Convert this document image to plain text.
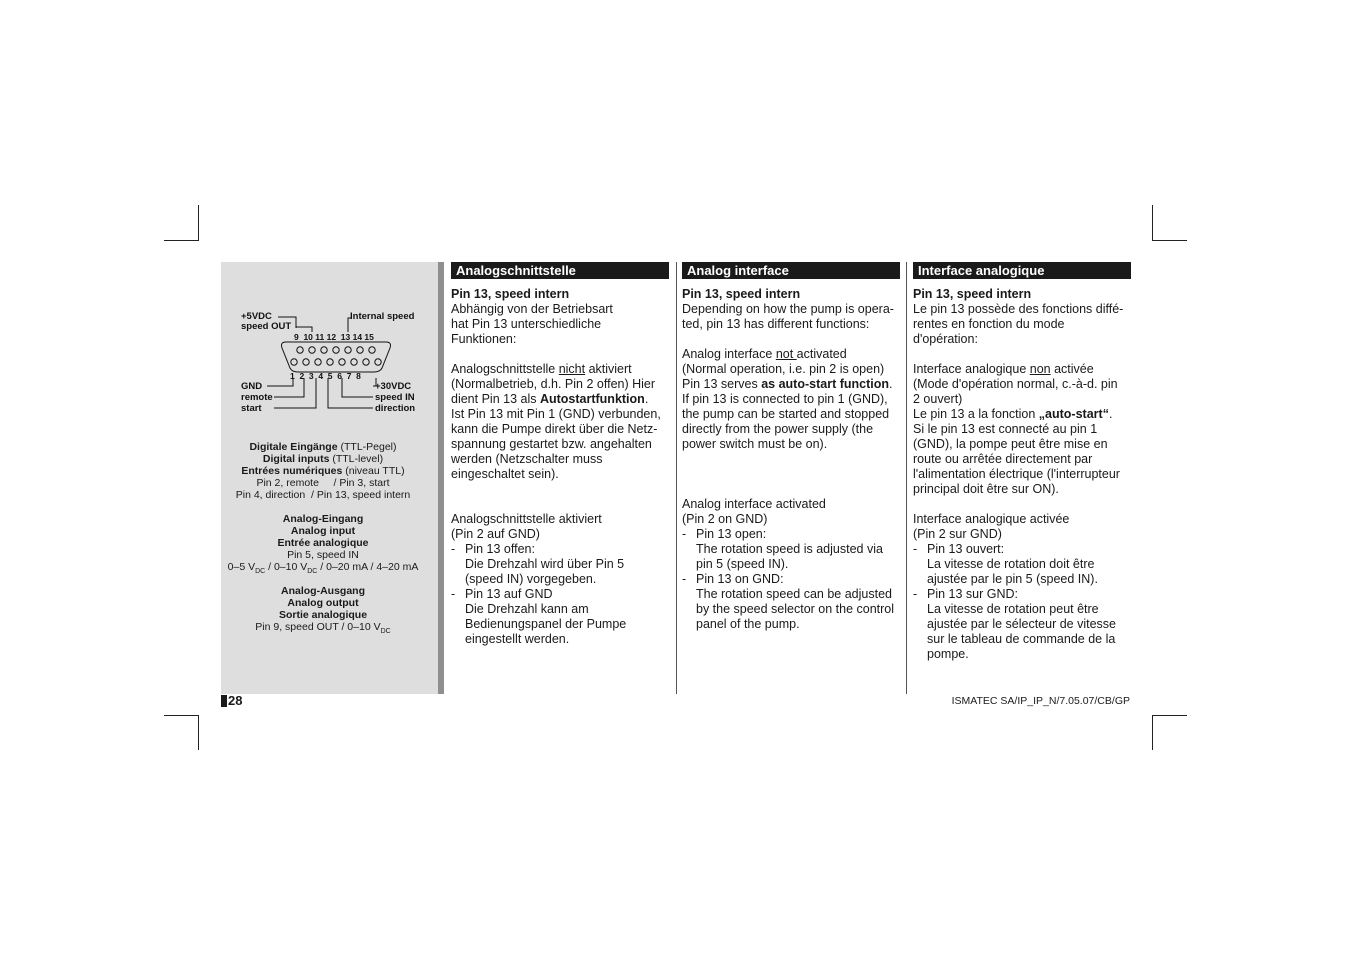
+5VDC
speed OUT
Internal speed
9  10 11 12  13 14 15
1  2  3  4  5  6  7  8
GND
remote
start
+30VDC
speed IN
direction
Digitale Eingänge (TTL-Pegel)
Digital inputs (TTL-level)
Entrées numériques (niveau TTL)
Pin 2, remote     / Pin 3, start
Pin 4, direction  / Pin 13, speed intern
Analog-Eingang
Analog input
Entrée analogique
Pin 5, speed IN
0–5 $V_{DC} / 0-10$ $V_{DC} / 0-20$ mA / 4–20 mA
Analog-Ausgang
Analog output
Sortie analogique
Pin 9, speed OUT / 0–10 $V_{DC}$
Analogschnittstelle
Pin 13, speed intern
Abhängig von der Betriebsart
hat Pin 13 unterschiedliche Funktionen:
Analogschnittstelle nicht aktiviert
(Normalbetrieb, d.h. Pin 2 offen) Hier
dient Pin 13 als Autostartfunktion.
Ist Pin 13 mit Pin 1 (GND) verbunden,
kann die Pumpe direkt über die Netz-
spannung gestartet bzw. angehalten
werden (Netzschalter muss
eingeschaltet sein).
Analogschnittstelle aktiviert
(Pin 2 auf GND)
- Pin 13 offen:
Die Drehzahl wird über Pin 5
(speed IN) vorgegeben.
- Pin 13 auf GND
Die Drehzahl kann am
Bedienungspanel der Pumpe
eingestellt werden.
Analog interface
Pin 13, speed intern
Depending on how the pump is opera-
ted, pin 13 has different functions:
Analog interface not activated
(Normal operation, i.e. pin 2 is open)
Pin 13 serves as auto-start function.
If pin 13 is connected to pin 1 (GND),
the pump can be started and stopped
directly from the power supply (the
power switch must be on).
Analog interface activated
(Pin 2 on GND)
- Pin 13 open:
The rotation speed is adjusted via
pin 5 (speed IN).
- Pin 13 on GND:
The rotation speed can be adjusted
by the speed selector on the control
panel of the pump.
Interface analogique
Pin 13, speed intern
Le pin 13 possède des fonctions diffé-
rentes en fonction du mode d'opération:
Interface analogique non activée
(Mode d'opération normal, c.-à-d. pin
2 ouvert)
Le pin 13 a la fonction „auto-start“.
Si le pin 13 est connecté au pin 1
(GND), la pompe peut être mise en
route ou arrêtée directement par
l'alimentation électrique (l'interrupteur
principal doit être sur ON).
Interface analogique activée
(Pin 2 sur GND)
- Pin 13 ouvert:
La vitesse de rotation doit être
ajustée par le pin 5 (speed IN).
- Pin 13 sur GND:
La vitesse de rotation peut être
ajustée par le sélecteur de vitesse
sur le tableau de commande de la
pompe.
28	ISMATEC SA/IP_IP_N/7.05.07/CB/GP
